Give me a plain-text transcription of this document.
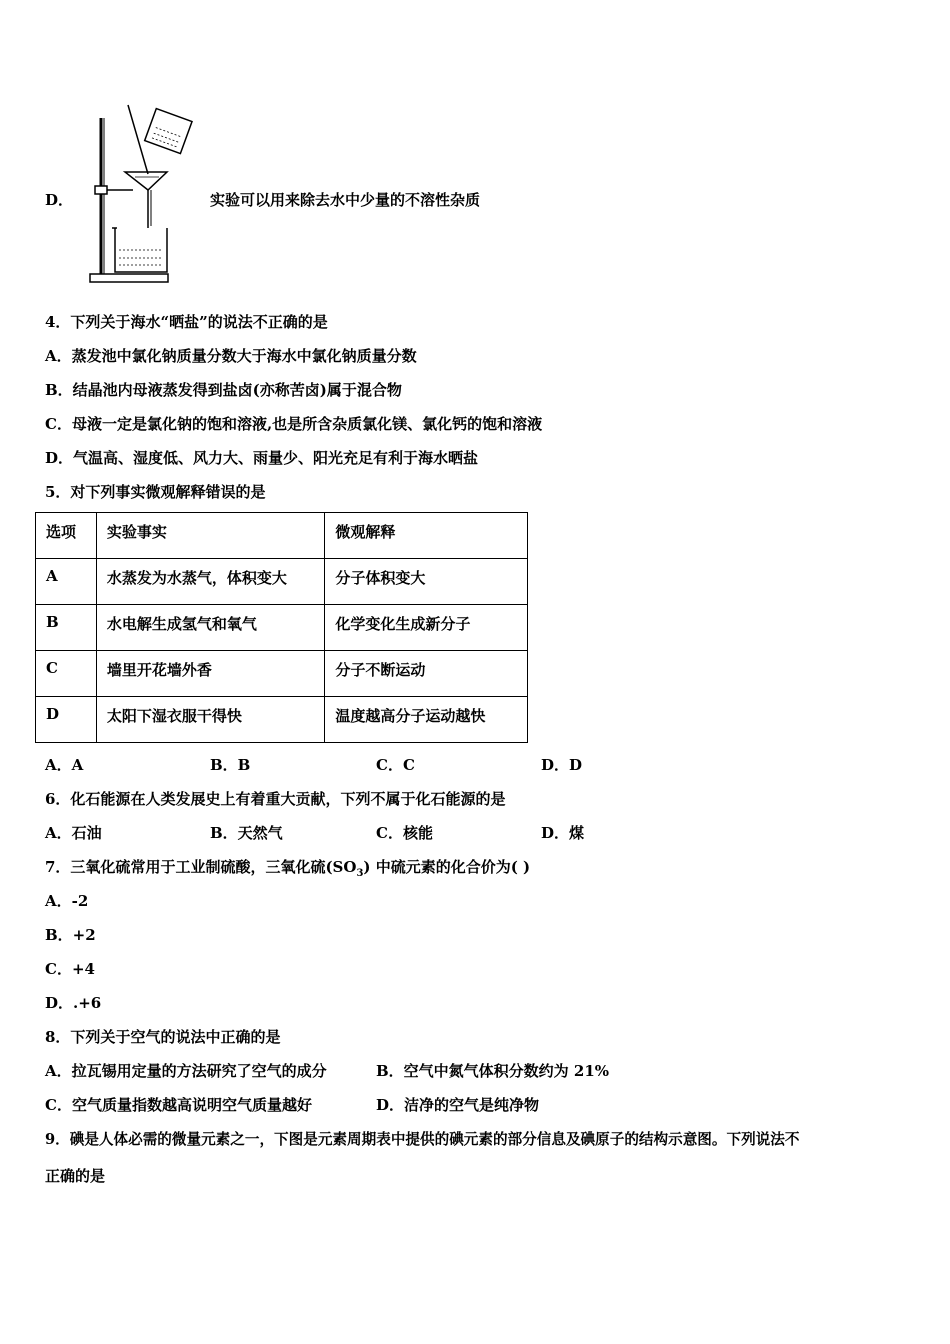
D．	实验可以用来除去水中少量的不溶性杂质
4．下列关于海水“晒盐”的说法不正确的是
A．蒸发池中氯化钠质量分数大于海水中氯化钠质量分数
B．结晶池内母液蒸发得到盐卤(亦称苦卤)属于混合物
C．母液一定是氯化钠的饱和溶液,也是所含杂质氯化镁、氯化钙的饱和溶液
D．气温高、湿度低、风力大、雨量少、阳光充足有利于海水晒盐
5．对下列事实微观解释错误的是
选项	实验事实	微观解释
A	水蒸发为水蒸气，体积变大	分子体积变大
B	水电解生成氢气和氧气	化学变化生成新分子
C	墙里开花墙外香	分子不断运动
D	太阳下湿衣服干得快	温度越高分子运动越快
A．A	B．B	C．C	D．D
6．化石能源在人类发展史上有着重大贡献，下列不属于化石能源的是
A．石油	B．天然气	C．核能	D．煤
7．三氧化硫常用于工业制硫酸，三氧化硫$(SO_3)$ 中硫元素的化合价为( )
A．-2
B．+2
C．+4
D．.+6
8．下列关于空气的说法中正确的是
A．拉瓦锡用定量的方法研究了空气的成分	B．空气中氮气体积分数约为 21%
C．空气质量指数越高说明空气质量越好	D．洁净的空气是纯净物
9．碘是人体必需的微量元素之一，下图是元素周期表中提供的碘元素的部分信息及碘原子的结构示意图。下列说法不
正确的是
